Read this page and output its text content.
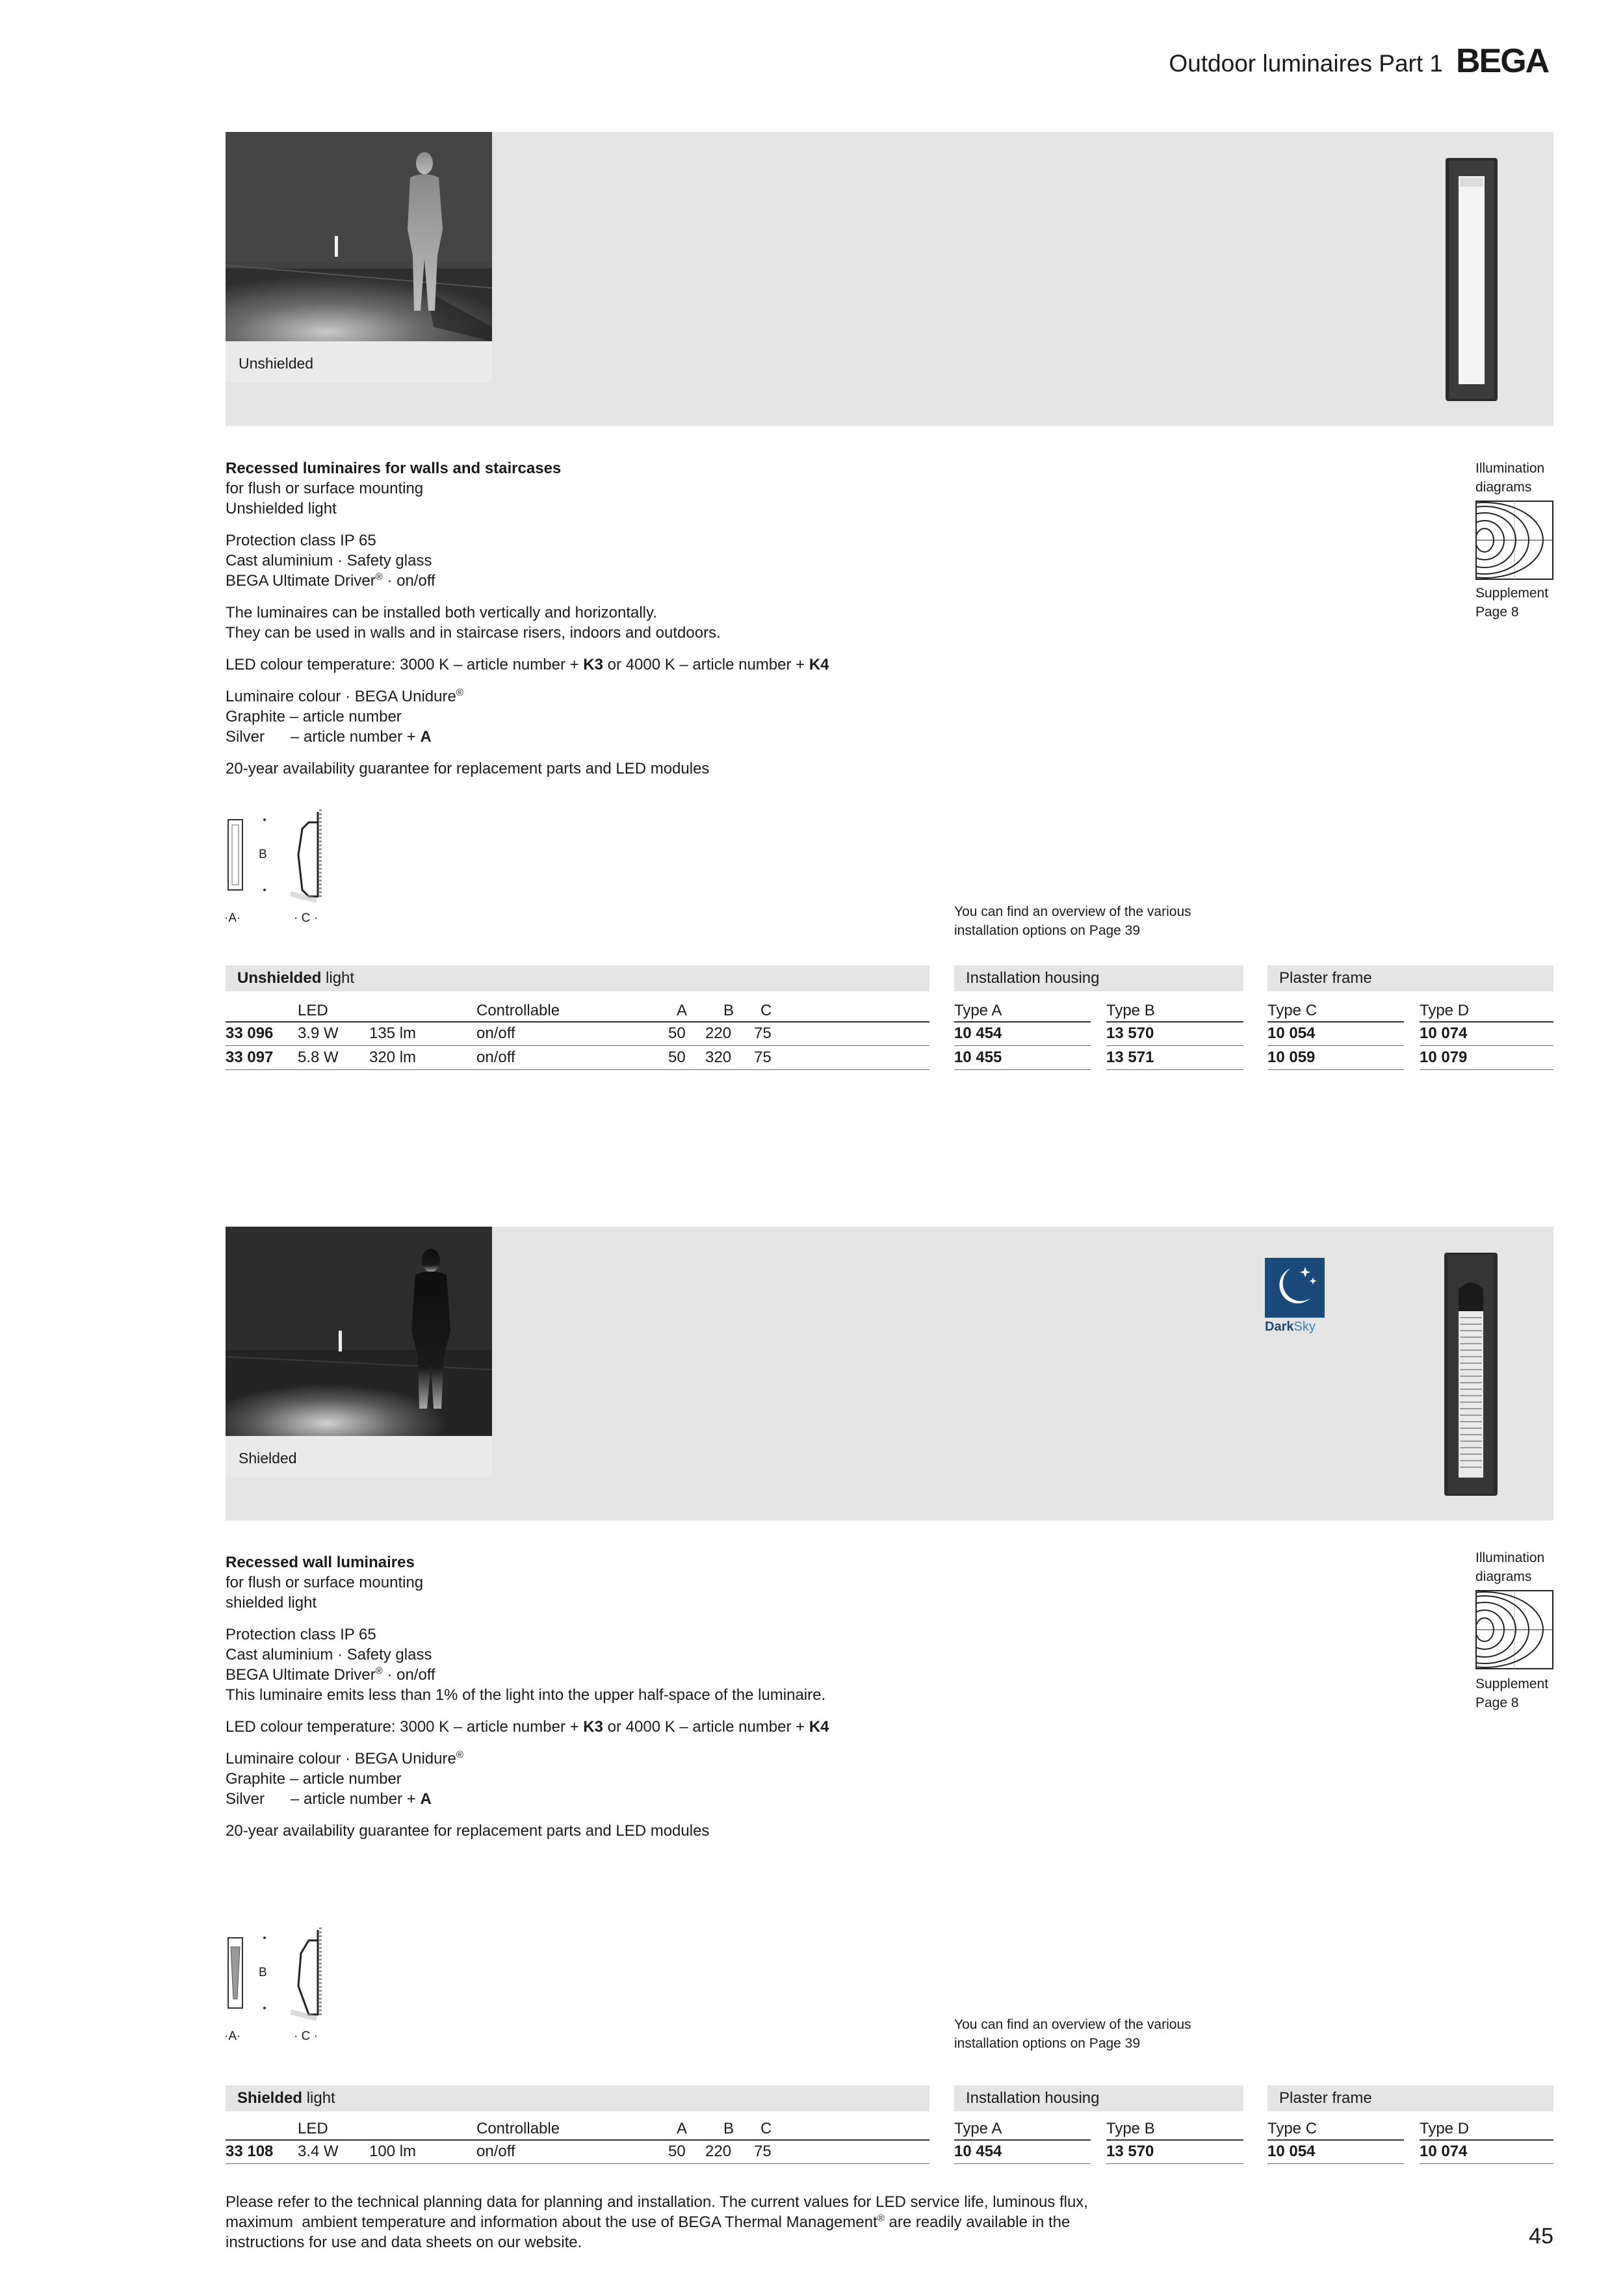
Outdoor luminaires Part 1 BEGA
Unshielded
Recessed luminaires for walls and staircases
for flush or surface mounting
Unshielded light
Protection class IP 65
Cast aluminium · Safety glass
BEGA Ultimate Driver® · on/off
The luminaires can be installed both vertically and horizontally.
They can be used in walls and in staircase risers, indoors and outdoors.
LED colour temperature: 3000 K – article number + K3 or 4000 K – article number + K4
Luminaire colour · BEGA Unidure®
Graphite – article number
Silver      – article number + A
20-year availability guarantee for replacement parts and LED modules
Illumination
diagrams
Supplement
Page 8
B
·A·	· C ·	You can find an overview of the various
installation options on Page 39
Unshielded light	Installation housing	Plaster frame
LED	Controllable	A B C	Type A	Type B	Type C	Type D
33 096 3.9 W 135 lm	on/off	50 220 75	10 454	13 570	10 054	10 074
33 097 5.8 W 320 lm	on/off	50 320 75	10 455	13 571	10 059	10 079
Shielded
DarkSky
Recessed wall luminaires
for flush or surface mounting
shielded light
Protection class IP 65
Cast aluminium · Safety glass
BEGA Ultimate Driver® · on/off
This luminaire emits less than 1% of the light into the upper half-space of the luminaire.
LED colour temperature: 3000 K – article number + K3 or 4000 K – article number + K4
Luminaire colour · BEGA Unidure®
Graphite – article number
Silver      – article number + A
20-year availability guarantee for replacement parts and LED modules
Illumination
diagrams
Supplement
Page 8
B
·A·	· C ·
You can find an overview of the various
installation options on Page 39
Shielded light	Installation housing	Plaster frame
LED	Controllable	A B C	Type A	Type B	Type C	Type D
33 108 3.4 W 100 lm	on/off	50 220 75	10 454	13 570	10 054	10 074
Please refer to the technical planning data for planning and installation. The current values for LED service life, luminous flux,
maximum  ambient temperature and information about the use of BEGA Thermal Management® are readily available in the
instructions for use and data sheets on our website.	45
